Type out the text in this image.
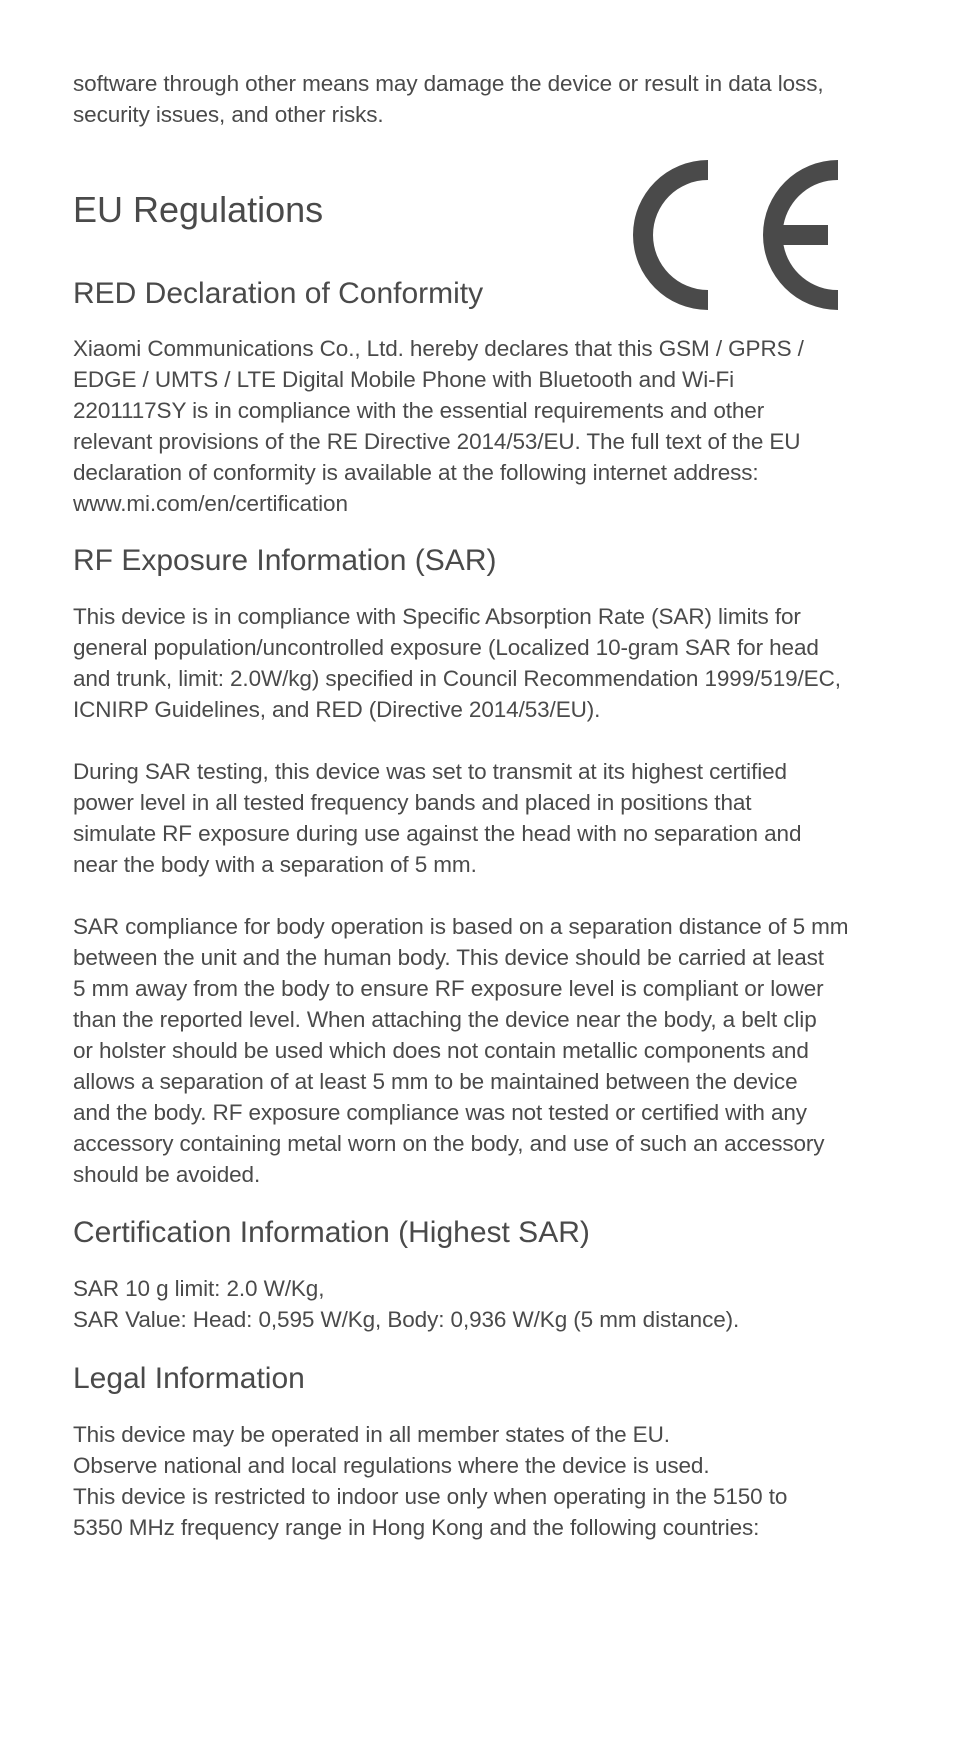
software through other means may damage the device or result in data loss,
security issues, and other risks.

EU Regulations
RED Declaration of Conformity

Xiaomi Communications Co., Ltd. hereby declares that this GSM / GPRS /
EDGE / UMTS / LTE Digital Mobile Phone with Bluetooth and Wi-Fi
2201117SY is in compliance with the essential requirements and other
relevant provisions of the RE Directive 2014/53/EU. The full text of the EU
declaration of conformity is available at the following internet address:
www.mi.com/en/certification

RF Exposure Information (SAR)

This device is in compliance with Specific Absorption Rate (SAR) limits for
general population/uncontrolled exposure (Localized 10-gram SAR for head
and trunk, limit: 2.0W/kg) specified in Council Recommendation 1999/519/EC,
ICNIRP Guidelines, and RED (Directive 2014/53/EU).

During SAR testing, this device was set to transmit at its highest certified
power level in all tested frequency bands and placed in positions that
simulate RF exposure during use against the head with no separation and
near the body with a separation of 5 mm.

SAR compliance for body operation is based on a separation distance of 5 mm
between the unit and the human body. This device should be carried at least
5 mm away from the body to ensure RF exposure level is compliant or lower
than the reported level. When attaching the device near the body, a belt clip
or holster should be used which does not contain metallic components and
allows a separation of at least 5 mm to be maintained between the device
and the body. RF exposure compliance was not tested or certified with any
accessory containing metal worn on the body, and use of such an accessory
should be avoided.

Certification Information (Highest SAR)

SAR 10 g limit: 2.0 W/Kg,
SAR Value: Head: 0,595 W/Kg, Body: 0,936 W/Kg (5 mm distance).

Legal Information

This device may be operated in all member states of the EU.
Observe national and local regulations where the device is used.
This device is restricted to indoor use only when operating in the 5150 to
5350 MHz frequency range in Hong Kong and the following countries:
